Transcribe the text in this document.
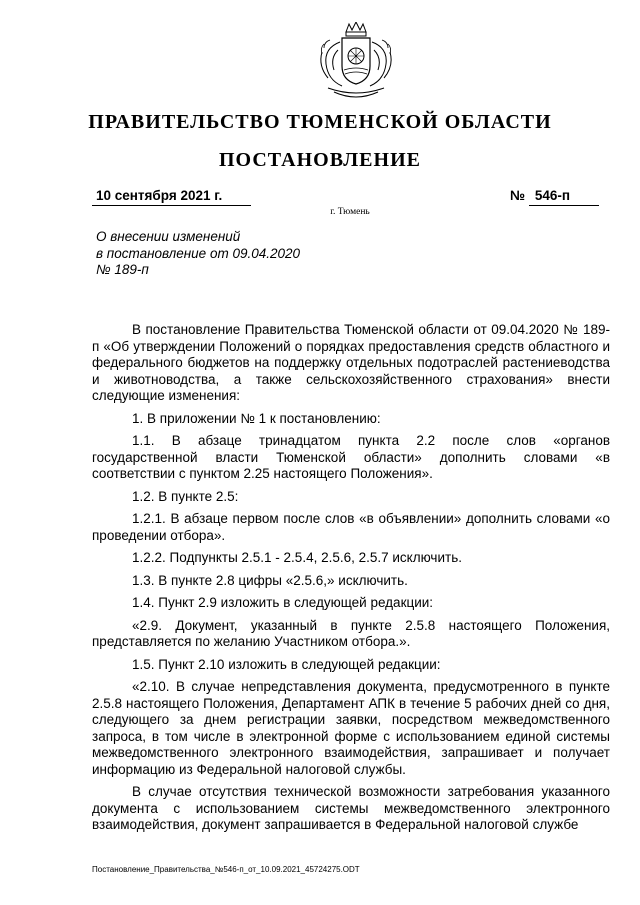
ПРАВИТЕЛЬСТВО ТЮМЕНСКОЙ ОБЛАСТИ
ПОСТАНОВЛЕНИЕ
10 сентября 2021 г.	№ 546-п
г. Тюмень
О внесении изменений
в постановление от 09.04.2020
№ 189-п

В постановление Правительства Тюменской области от 09.04.2020 № 189-п «Об утверждении Положений о порядках предоставления средств областного и федерального бюджетов на поддержку отдельных подотраслей растениеводства и животноводства, а также сельскохозяйственного страхования» внести следующие изменения:

1. В приложении № 1 к постановлению:

1.1. В абзаце тринадцатом пункта 2.2 после слов «органов государственной власти Тюменской области» дополнить словами «в соответствии с пунктом 2.25 настоящего Положения».

1.2. В пункте 2.5:

1.2.1. В абзаце первом после слов «в объявлении» дополнить словами «о проведении отбора».

1.2.2. Подпункты 2.5.1 - 2.5.4, 2.5.6, 2.5.7 исключить.

1.3. В пункте 2.8 цифры «2.5.6,» исключить.

1.4. Пункт 2.9 изложить в следующей редакции:

«2.9. Документ, указанный в пункте 2.5.8 настоящего Положения, представляется по желанию Участником отбора.».

1.5. Пункт 2.10 изложить в следующей редакции:

«2.10. В случае непредставления документа, предусмотренного в пункте 2.5.8 настоящего Положения, Департамент АПК в течение 5 рабочих дней со дня, следующего за днем регистрации заявки, посредством межведомственного запроса, в том числе в электронной форме с использованием единой системы межведомственного электронного взаимодействия, запрашивает и получает информацию из Федеральной налоговой службы.

В случае отсутствия технической возможности затребования указанного документа с использованием системы межведомственного электронного взаимодействия, документ запрашивается в Федеральной налоговой службе

Постановление_Правительства_№546-п_от_10.09.2021_45724275.ODT
